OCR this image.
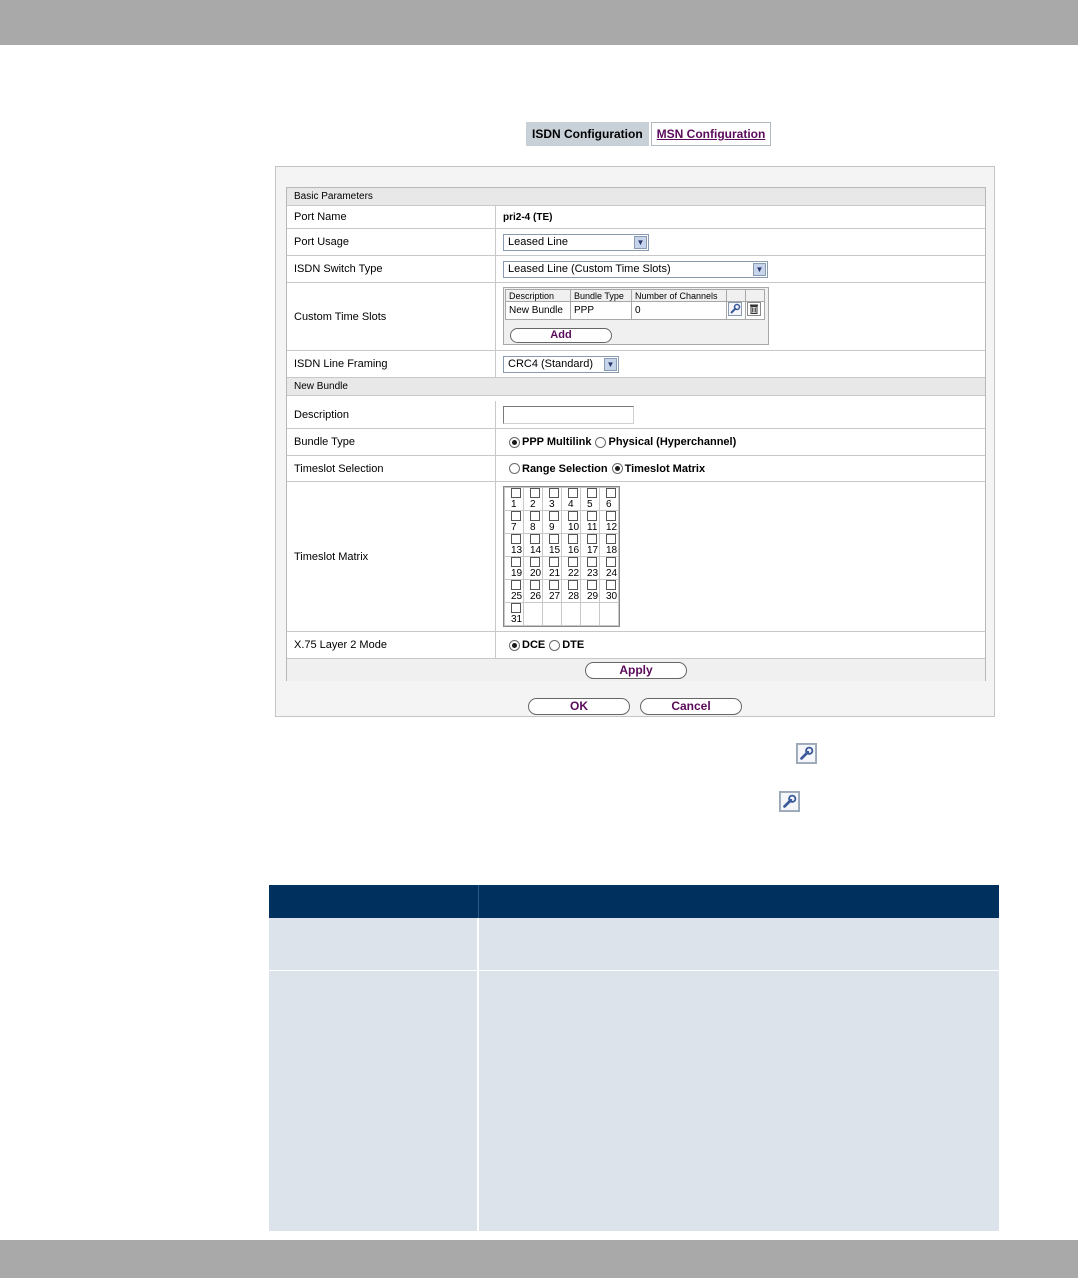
ISDN Configuration	MSN Configuration
Basic Parameters
Port Name	pri2-4 (TE)
Port Usage	Leased Line	▼
ISDN Switch Type	Leased Line (Custom Time Slots)	▼
Custom Time Slots
Description	Bundle Type	Number of Channels		
New Bundle	PPP	0		
Add
ISDN Line Framing	CRC4 (Standard)	▼
New Bundle
Description
Bundle Type	PPP Multilink Physical (Hyperchannel)
Timeslot Selection	Range Selection Timeslot Matrix
Timeslot Matrix
1	2	3	4	5	6
7	8	9	10	11	12
13	14	15	16	17	18
19	20	21	22	23	24
25	26	27	28	29	30
31					
X.75 Layer 2 Mode	DCE DTE
Apply
OK	Cancel
